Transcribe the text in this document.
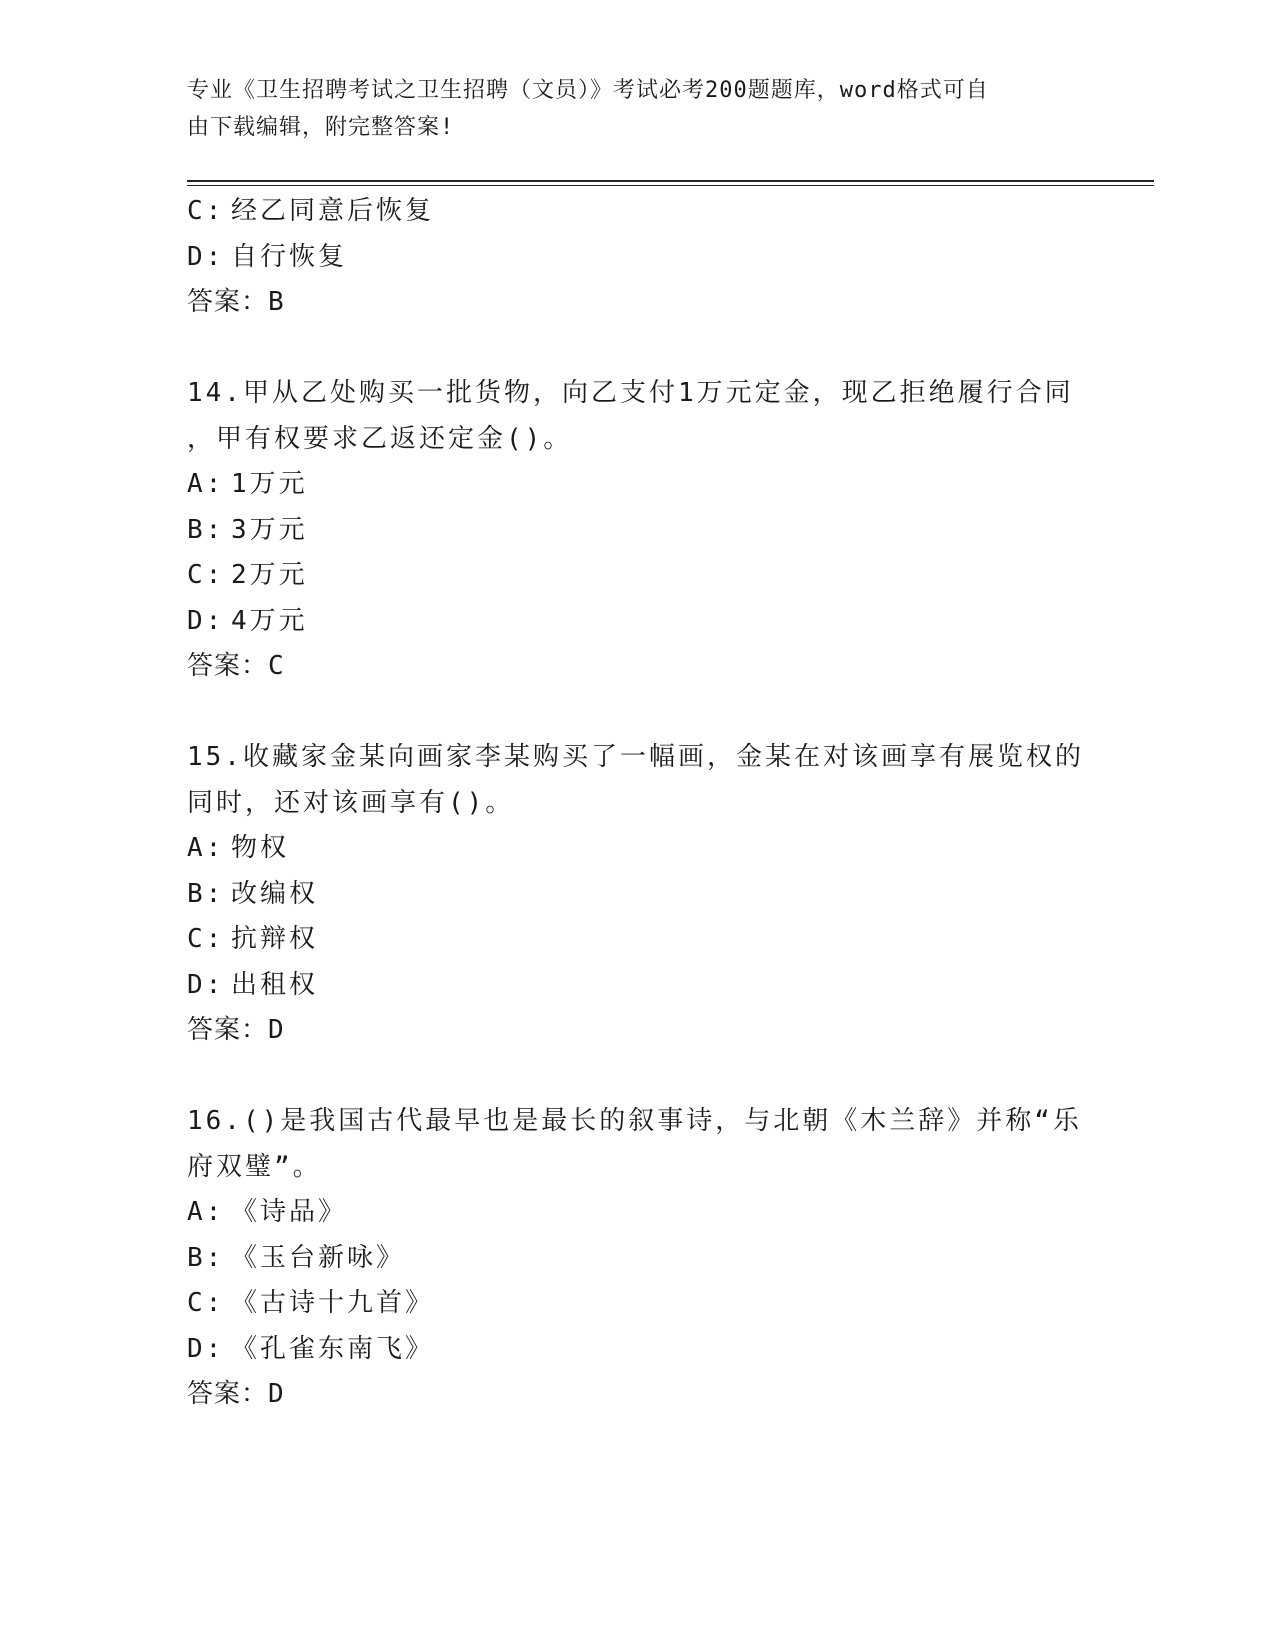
专业《卫生招聘考试之卫生招聘（文员）》考试必考200题题库，word格式可自
由下载编辑，附完整答案!
C: 经乙同意后恢复
D: 自行恢复
答案：B
14.甲从乙处购买一批货物，向乙支付1万元定金，现乙拒绝履行合同
，甲有权要求乙返还定金()。
A: 1万元
B: 3万元
C: 2万元
D: 4万元
答案：C
15.收藏家金某向画家李某购买了一幅画，金某在对该画享有展览权的
同时，还对该画享有()。
A: 物权
B: 改编权
C: 抗辩权
D: 出租权
答案：D
16.()是我国古代最早也是最长的叙事诗，与北朝《木兰辞》并称“乐
府双璧”。
A: 《诗品》
B: 《玉台新咏》
C: 《古诗十九首》
D: 《孔雀东南飞》
答案：D
